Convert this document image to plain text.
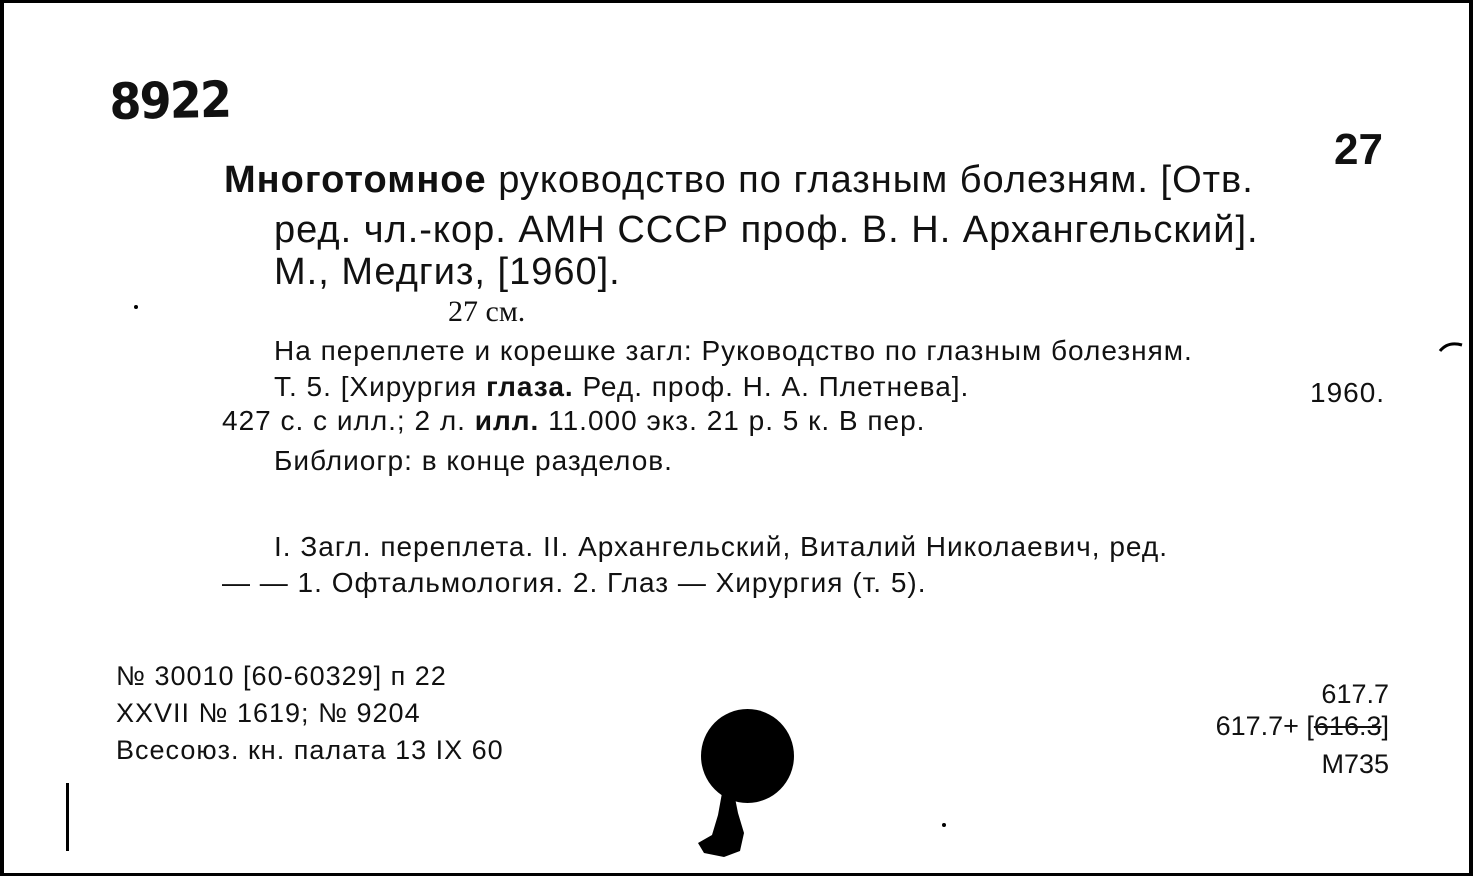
8922
27
Многотомное руководство по глазным болезням. [Отв.
ред. чл.-кор. АМН СССР проф. В. Н. Архангельский].
М., Медгиз, [1960].
27 см.
На переплете и корешке загл: Руководство по глазным болезням.
Т. 5. [Хирургия глаза. Ред. проф. Н. А. Плетнева].	1960.
427 с. с илл.; 2 л. илл. 11.000 экз. 21 р. 5 к. В пер.
Библиогр: в конце разделов.
I. Загл. переплета. II. Архангельский, Виталий Николаевич, ред.
— — 1. Офтальмология. 2. Глаз — Хирургия (т. 5).
№ 30010 [60-60329] п 22
XXVII № 1619; № 9204
Всесоюз. кн. палата 13 IX 60
617.7
617.7+ [616.3]
М735
